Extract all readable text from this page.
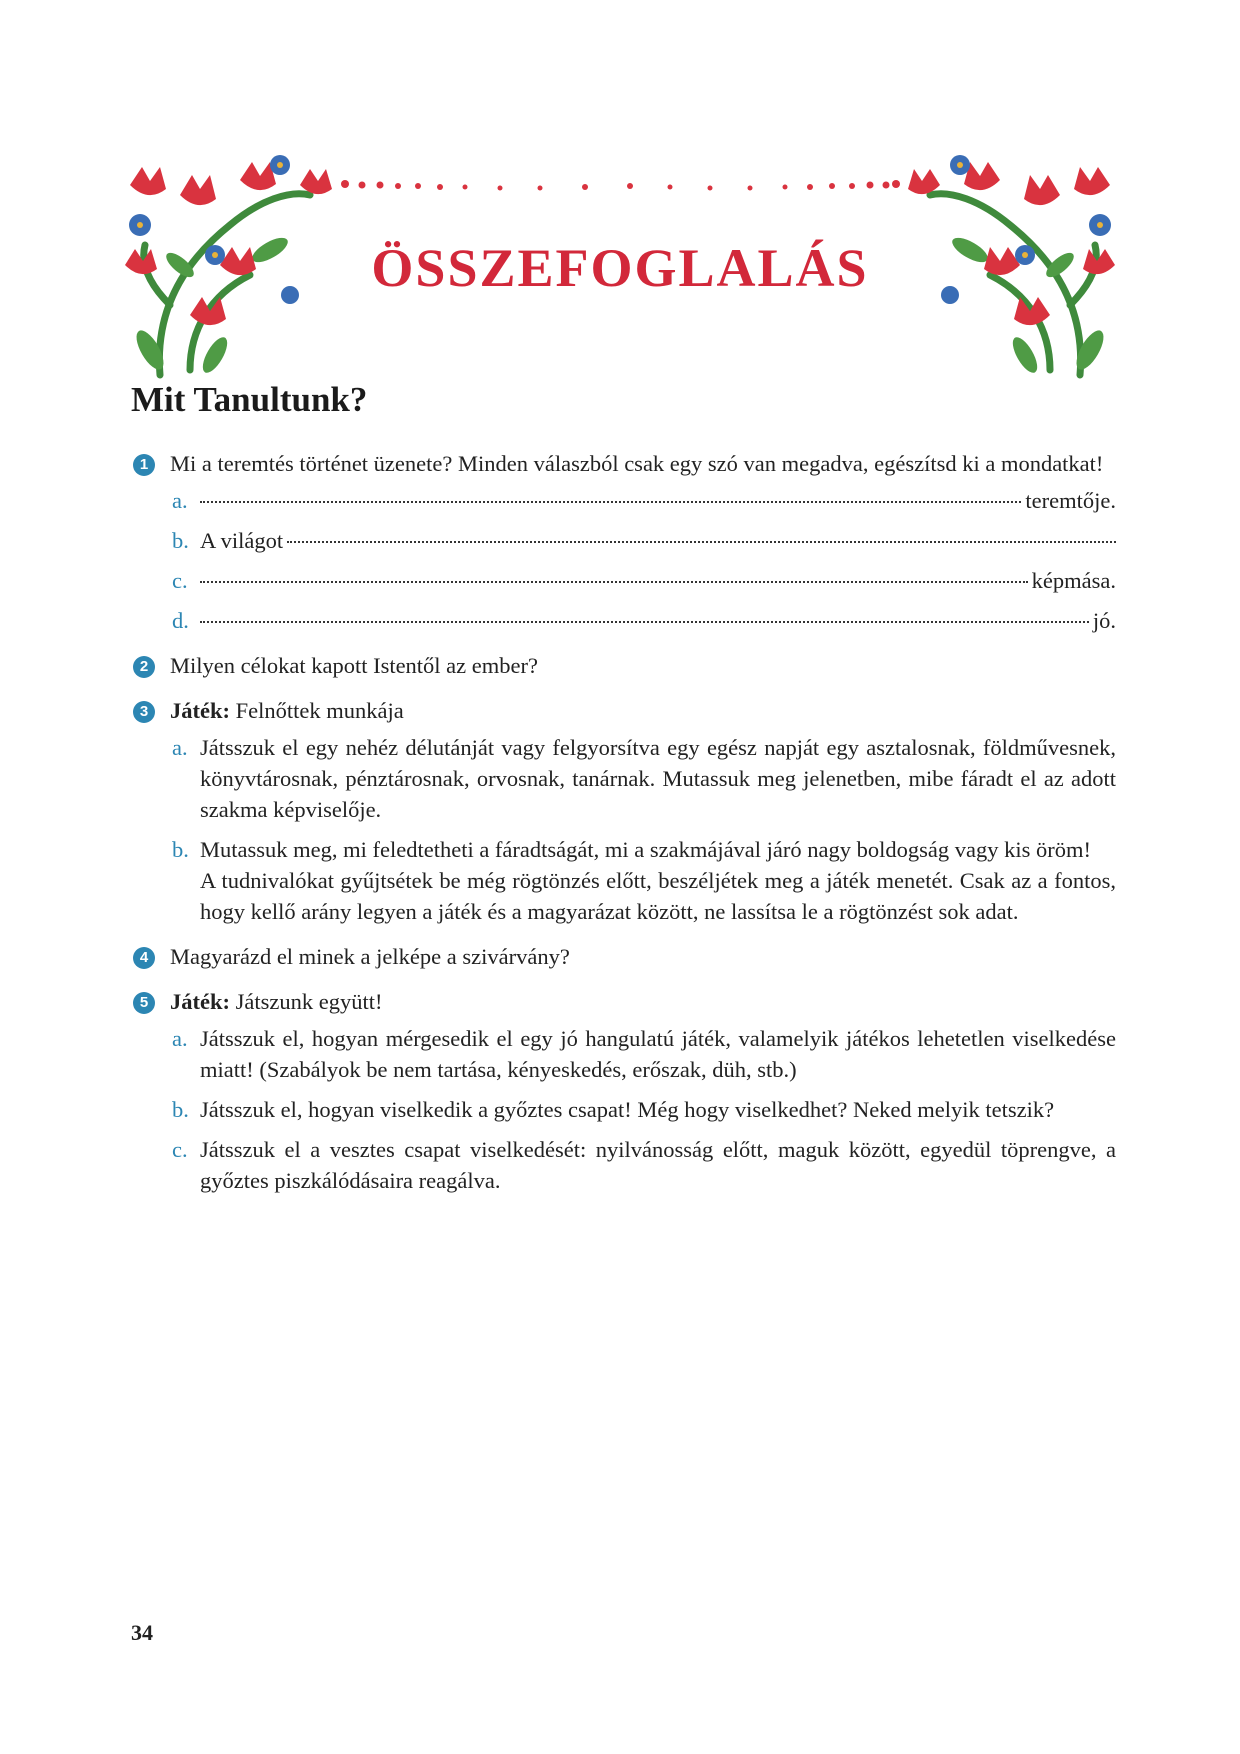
ÖSSZEFOGLALÁS
Mit Tanultunk?
1 Mi a teremtés történet üzenete? Minden válaszból csak egy szó van megadva, egészítsd ki a mondatkat!
a.	teremtője.
b. A világot
c.	képmása.
d.	jó.
2 Milyen célokat kapott Istentől az ember?
3 Játék: Felnőttek munkája
a. Játsszuk el egy nehéz délutánját vagy felgyorsítva egy egész napját egy asztalosnak, földművesnek, könyvtárosnak, pénztárosnak, orvosnak, tanárnak. Mutassuk meg jelenetben, mibe fáradt el az adott szakma képviselője.
b. Mutassuk meg, mi feledtetheti a fáradtságát, mi a szakmájával járó nagy boldogság vagy kis öröm!
A tudnivalókat gyűjtsétek be még rögtönzés előtt, beszéljétek meg a játék menetét. Csak az a fontos, hogy kellő arány legyen a játék és a magyarázat között, ne lassítsa le a rögtönzést sok adat.
4 Magyarázd el minek a jelképe a szivárvány?
5 Játék: Játszunk együtt!
a. Játsszuk el, hogyan mérgesedik el egy jó hangulatú játék, valamelyik játékos lehetetlen viselkedése miatt! (Szabályok be nem tartása, kényeskedés, erőszak, düh, stb.)
b. Játsszuk el, hogyan viselkedik a győztes csapat! Még hogy viselkedhet? Neked melyik tetszik?
c. Játsszuk el a vesztes csapat viselkedését: nyilvánosság előtt, maguk között, egyedül töprengve, a győztes piszkálódásaira reagálva.
34
